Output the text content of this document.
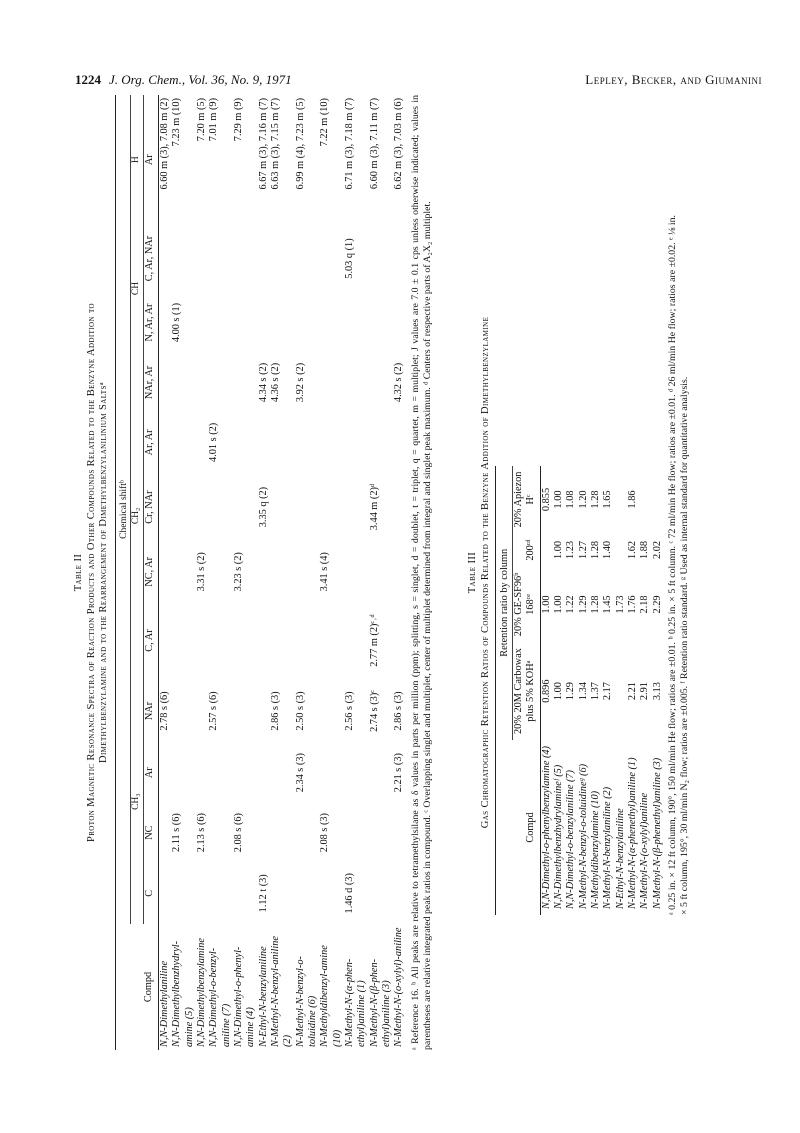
1224 J. Org. Chem., Vol. 36, No. 9, 1971	Lepley, Becker, and Giumanini
Table II Proton Magnetic Resonance Spectra of Reaction Products and Other Compounds Related to the Benzyne Addition to Dimethylbenzylamine and to the Rearrangement of Dimethylbenzylanilinium Saltsᵃ
	Chemical shiftᵇ											
	CH₃				CH₂					CH		H
Compd	C	NC	Ar	NAr	C, Ar	NC, Ar	Cr, NAr	Ar, Ar	NAr, Ar	N, Ar, Ar	C, Ar, NAr	Ar
N,N-Dimethylaniline				2.78 s (6)								6.60 m (3), 7.08 m (2)
N,N-Dimethylbenzhydryl-amine (5)		2.11 s (6)								4.00 s (1)		7.23 m (10)
N,N-Dimethylbenzylamine		2.13 s (6)				3.31 s (2)						7.20 m (5)
N,N-Dimethyl-o-benzyl-aniline (7)				2.57 s (6)				4.01 s (2)				7.01 m (9)
N,N-Dimethyl-o-phenyl-amine (4)		2.08 s (6)				3.23 s (2)						7.29 m (9)
N-Ethyl-N-benzylaniline	1.12 t (3)						3.35 q (2)		4.34 s (2)			6.67 m (3), 7.16 m (7)
N-Methyl-N-benzyl-aniline (2)				2.86 s (3)					4.36 s (2)			6.63 m (3), 7.15 m (7)
N-Methyl-N-benzyl-o-toluidine (6)			2.34 s (3)	2.50 s (3)					3.92 s (2)			6.99 m (4), 7.23 m (5)
N-Methyldibenzyl-amine (10)		2.08 s (3)				3.41 s (4)						7.22 m (10)
N-Methyl-N-(α-phen-ethyl)aniline (1)	1.46 d (3)			2.56 s (3)							5.03 q (1)	6.71 m (3), 7.18 m (7)
N-Methyl-N-(β-phen-ethyl)aniline (3)				2.74 s (3)ᶜ	2.77 m (2)ᶜ˒ᵈ		3.44 m (2)ᵈ					6.60 m (3), 7.11 m (7)
N-Methyl-N-(o-xylyl)-aniline			2.21 s (3)	2.86 s (3)					4.32 s (2)			6.62 m (3), 7.03 m (6) ᵃ Reference 16. ᵇ All peaks are relative to tetramethylsilane as δ values in parts per million (ppm); splitting, s = singlet, d = doublet, t = triplet, q = quartet, m = multiplet; J values are 7.0 ± 0.1 cps unless otherwise indicated; values in parentheses are relative integrated peak ratios in compound. ᶜ Overlapping singlet and multiplet, center of multiplet determined from integral and singlet peak maximum. ᵈ Centers of respective parts of A₂X₂ multiplet.	Table III Gas Chromatographic Retention Ratios of Compounds Related to the Benzyne Addition of Dimethylbenzylamine
	Retention ratio by column			
	20% 20M Carbowax	20% GE-SF96ᵇ		20% Apiezon
Compd	plus 5% KOHᵃ	168ᶜᵉ	200ᶜᵈ	Hᶜ
N,N-Dimethyl-o-phenylbenzylamine (4)	0.896	1.00		0.855
N,N-Dimethylbenzhydrylamineᶠ (5)	1.00	1.00	1.00	1.00
N,N-Dimethyl-o-benzylaniline (7)	1.29	1.22	1.23	1.08
N-Methyl-N-benzyl-o-toluidineᵍ (6)	1.34	1.29	1.27	1.20
N-Methyldibenzylamine (10)	1.37	1.28	1.28	1.28
N-Methyl-N-benzylaniline (2)	2.17	1.45	1.40	1.65
N-Ethyl-N-benzylaniline		1.73		
N-Methyl-N-(α-phenethyl)aniline (1)	2.21	1.76	1.62	1.86
N-Methyl-N-(o-xylyl)aniline	2.91	2.18	1.88	
N-Methyl-N-(β-phenethyl)aniline (3)	3.13	2.29	2.02	ᵃ 0.25 in. × 12 ft column, 190°, 150 ml/min He flow; ratios are ±0.01. ᵇ 0.25 in. × 5 ft column. ᶜ 72 ml/min He flow; ratios are ±0.01. ᵈ 26 ml/min He flow; ratios are ±0.02. ᵉ ⅛ in. × 5 ft column, 195°, 30 ml/min N₂ flow; ratios are ±0.005. ᶠ Retention ratio standard. ᵍ Used as internal standard for quantitative analysis.
